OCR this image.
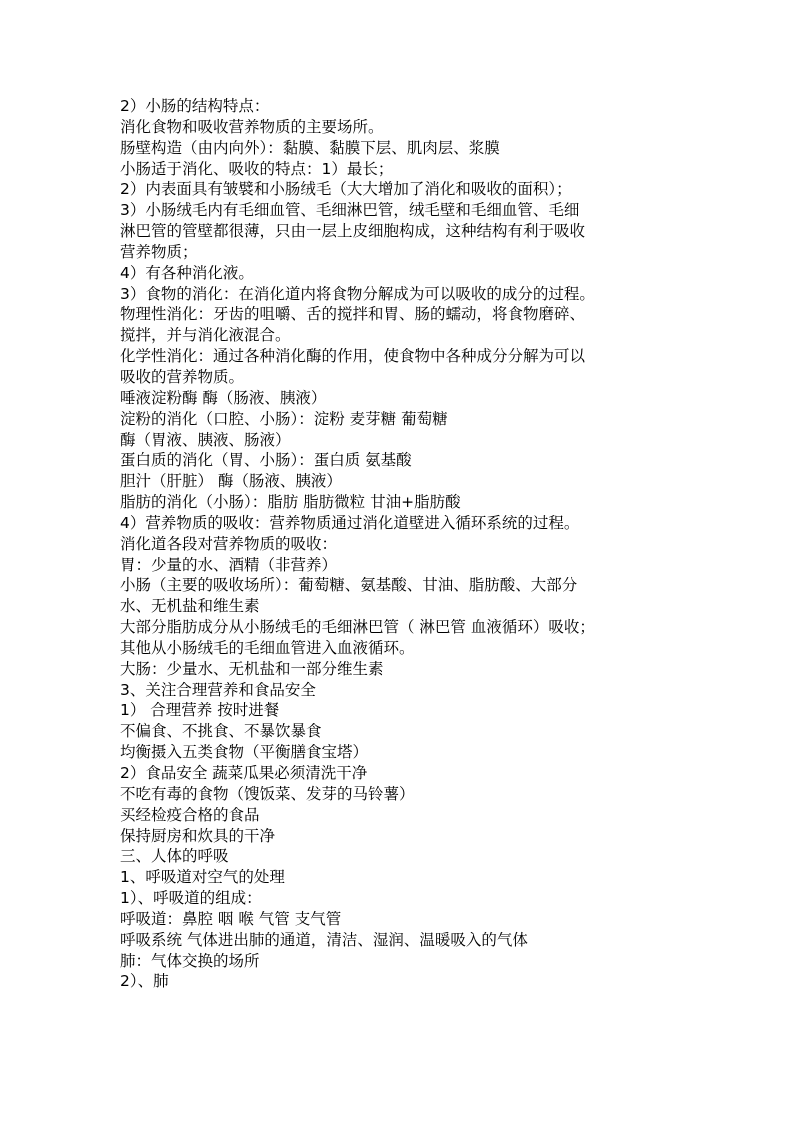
2）小肠的结构特点：
消化食物和吸收营养物质的主要场所。
肠壁构造（由内向外）：黏膜、黏膜下层、肌肉层、浆膜
小肠适于消化、吸收的特点：1）最长；
2）内表面具有皱襞和小肠绒毛（大大增加了消化和吸收的面积）；
3）小肠绒毛内有毛细血管、毛细淋巴管，绒毛壁和毛细血管、毛细
淋巴管的管壁都很薄，只由一层上皮细胞构成，这种结构有利于吸收
营养物质；
4）有各种消化液。
3）食物的消化：在消化道内将食物分解成为可以吸收的成分的过程。
物理性消化：牙齿的咀嚼、舌的搅拌和胃、肠的蠕动，将食物磨碎、
搅拌，并与消化液混合。
化学性消化：通过各种消化酶的作用，使食物中各种成分分解为可以
吸收的营养物质。
唾液淀粉酶 酶（肠液、胰液）
淀粉的消化（口腔、小肠）：淀粉 麦芽糖 葡萄糖
酶（胃液、胰液、肠液）
蛋白质的消化（胃、小肠）：蛋白质 氨基酸
胆汁（肝脏） 酶（肠液、胰液）
脂肪的消化（小肠）：脂肪 脂肪微粒 甘油+脂肪酸
4）营养物质的吸收：营养物质通过消化道壁进入循环系统的过程。
消化道各段对营养物质的吸收：
胃：少量的水、酒精（非营养）
小肠（主要的吸收场所）：葡萄糖、氨基酸、甘油、脂肪酸、大部分
水、无机盐和维生素
大部分脂肪成分从小肠绒毛的毛细淋巴管（ 淋巴管 血液循环）吸收；
其他从小肠绒毛的毛细血管进入血液循环。
大肠：少量水、无机盐和一部分维生素
3、关注合理营养和食品安全
1） 合理营养 按时进餐
不偏食、不挑食、不暴饮暴食
均衡摄入五类食物（平衡膳食宝塔）
2）食品安全 蔬菜瓜果必须清洗干净
不吃有毒的食物（馊饭菜、发芽的马铃薯）
买经检疫合格的食品
保持厨房和炊具的干净
三、人体的呼吸
1、呼吸道对空气的处理
1）、呼吸道的组成：
呼吸道：鼻腔 咽 喉 气管 支气管
呼吸系统 气体进出肺的通道，清洁、湿润、温暖吸入的气体
肺：气体交换的场所
2）、肺
